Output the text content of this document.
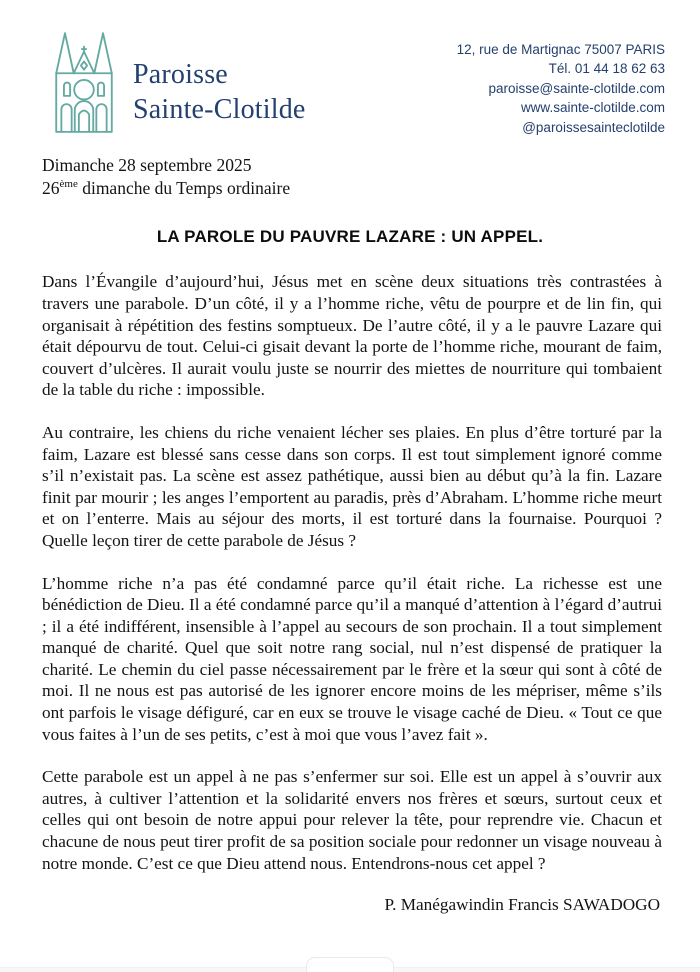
Paroisse
Sainte-Clotilde
12, rue de Martignac 75007 PARIS
Tél. 01 44 18 62 63
paroisse@sainte-clotilde.com
www.sainte-clotilde.com
@paroissesainteclotilde
Dimanche 28 septembre 2025
26ème dimanche du Temps ordinaire
LA PAROLE DU PAUVRE LAZARE : UN APPEL.

Dans l’Évangile d’aujourd’hui, Jésus met en scène deux situations très contrastées à travers une parabole. D’un côté, il y a l’homme riche, vêtu de pourpre et de lin fin, qui organisait à répétition des festins somptueux. De l’autre côté, il y a le pauvre Lazare qui était dépourvu de tout. Celui-ci gisait devant la porte de l’homme riche, mourant de faim, couvert d’ulcères. Il aurait voulu juste se nourrir des miettes de nourriture qui tombaient de la table du riche : impossible.

Au contraire, les chiens du riche venaient lécher ses plaies. En plus d’être torturé par la faim, Lazare est blessé sans cesse dans son corps. Il est tout simplement ignoré comme s’il n’existait pas. La scène est assez pathétique, aussi bien au début qu’à la fin. Lazare finit par mourir ; les anges l’emportent au paradis, près d’Abraham. L’homme riche meurt et on l’enterre. Mais au séjour des morts, il est torturé dans la fournaise. Pourquoi ? Quelle leçon tirer de cette parabole de Jésus ?

L’homme riche n’a pas été condamné parce qu’il était riche. La richesse est une bénédiction de Dieu. Il a été condamné parce qu’il a manqué d’attention à l’égard d’autrui ; il a été indifférent, insensible à l’appel au secours de son prochain. Il a tout simplement manqué de charité. Quel que soit notre rang social, nul n’est dispensé de pratiquer la charité. Le chemin du ciel passe nécessairement par le frère et la sœur qui sont à côté de moi. Il ne nous est pas autorisé de les ignorer encore moins de les mépriser, même s’ils ont parfois le visage défiguré, car en eux se trouve le visage caché de Dieu. « Tout ce que vous faites à l’un de ses petits, c’est à moi que vous l’avez fait ».

Cette parabole est un appel à ne pas s’enfermer sur soi. Elle est un appel à s’ouvrir aux autres, à cultiver l’attention et la solidarité envers nos frères et sœurs, surtout ceux et celles qui ont besoin de notre appui pour relever la tête, pour reprendre vie. Chacun et chacune de nous peut tirer profit de sa position sociale pour redonner un visage nouveau à notre monde. C’est ce que Dieu attend nous. Entendrons-nous cet appel ?

P. Manégawindin Francis SAWADOGO
